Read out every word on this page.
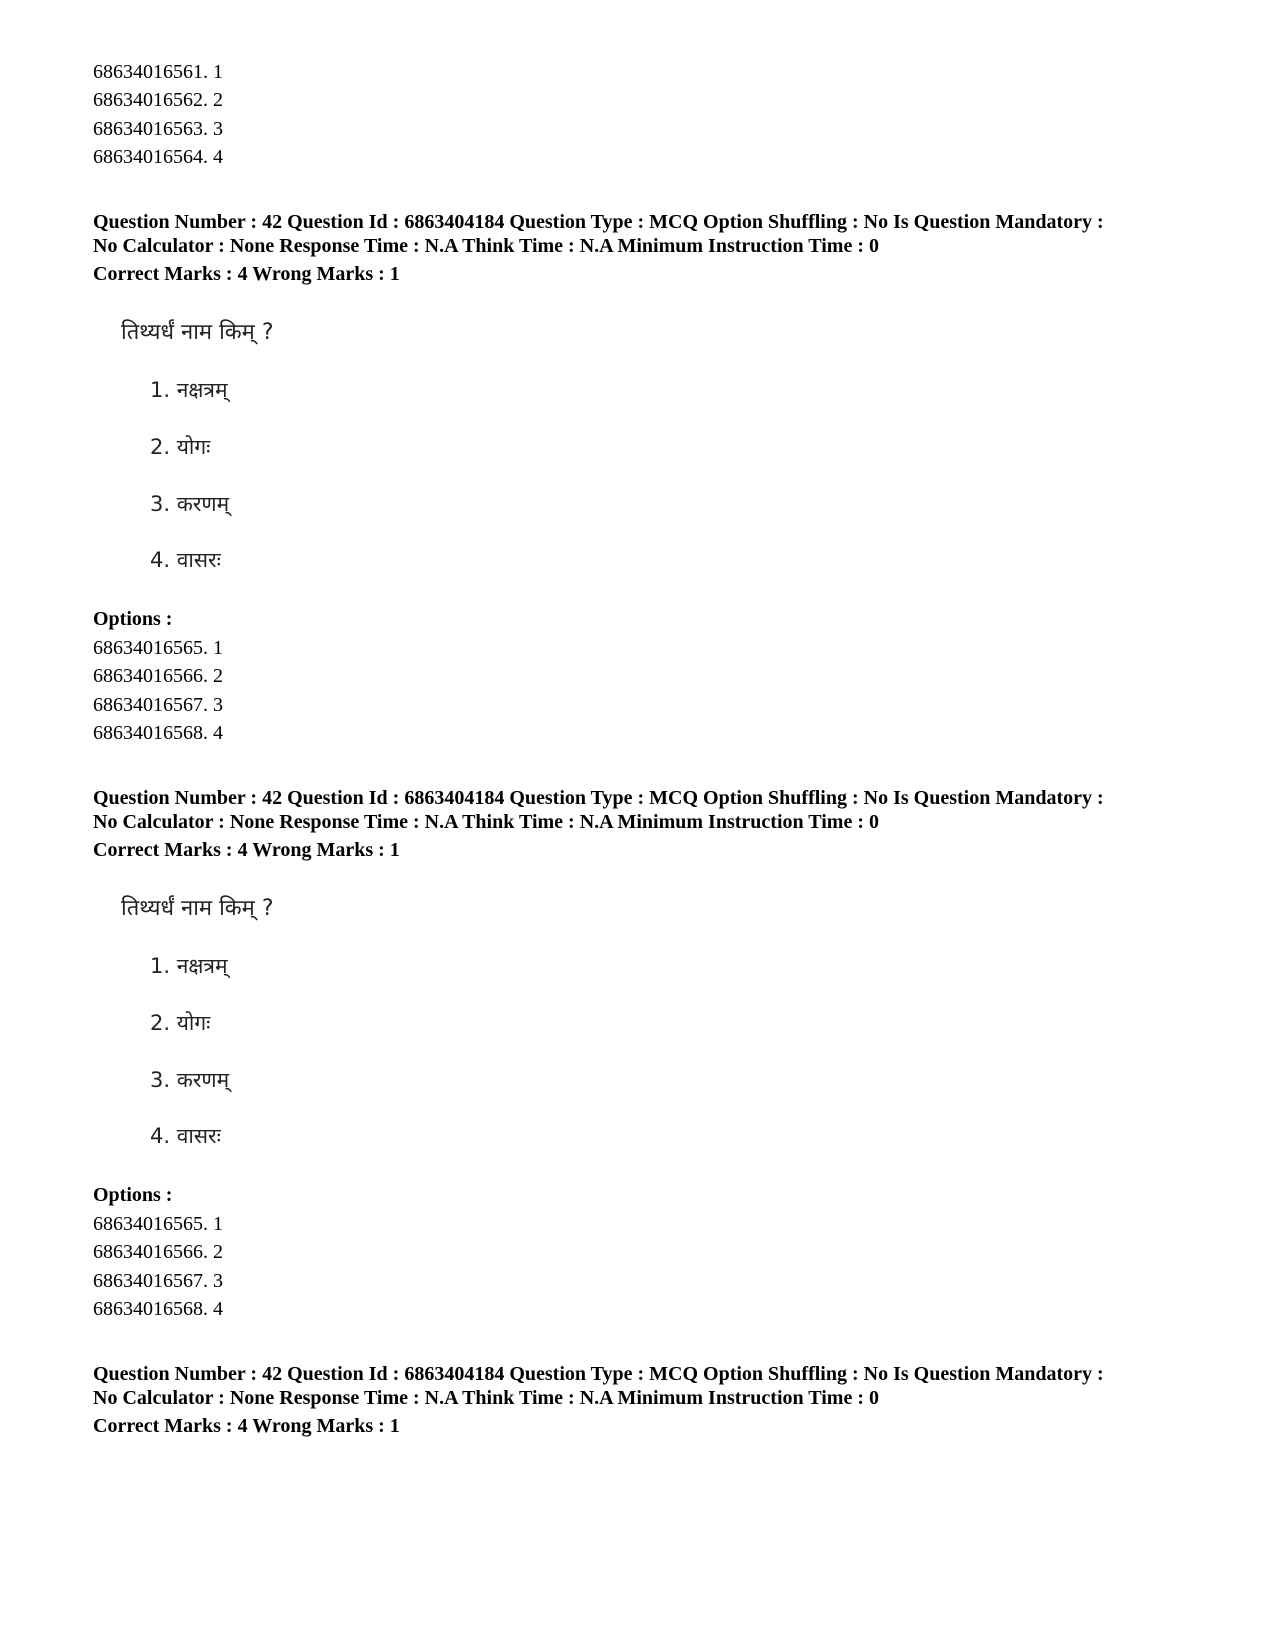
68634016561. 1
68634016562. 2
68634016563. 3
68634016564. 4
Question Number : 42 Question Id : 6863404184 Question Type : MCQ Option Shuffling : No Is Question Mandatory :
No Calculator : None Response Time : N.A Think Time : N.A Minimum Instruction Time : 0
Correct Marks : 4 Wrong Marks : 1
तिथ्यर्धं नाम किम् ?
1. नक्षत्रम्
2. योगः
3. करणम्
4. वासरः
Options :
68634016565. 1
68634016566. 2
68634016567. 3
68634016568. 4
Question Number : 42 Question Id : 6863404184 Question Type : MCQ Option Shuffling : No Is Question Mandatory :
No Calculator : None Response Time : N.A Think Time : N.A Minimum Instruction Time : 0
Correct Marks : 4 Wrong Marks : 1
तिथ्यर्धं नाम किम् ?
1. नक्षत्रम्
2. योगः
3. करणम्
4. वासरः
Options :
68634016565. 1
68634016566. 2
68634016567. 3
68634016568. 4
Question Number : 42 Question Id : 6863404184 Question Type : MCQ Option Shuffling : No Is Question Mandatory :
No Calculator : None Response Time : N.A Think Time : N.A Minimum Instruction Time : 0
Correct Marks : 4 Wrong Marks : 1
